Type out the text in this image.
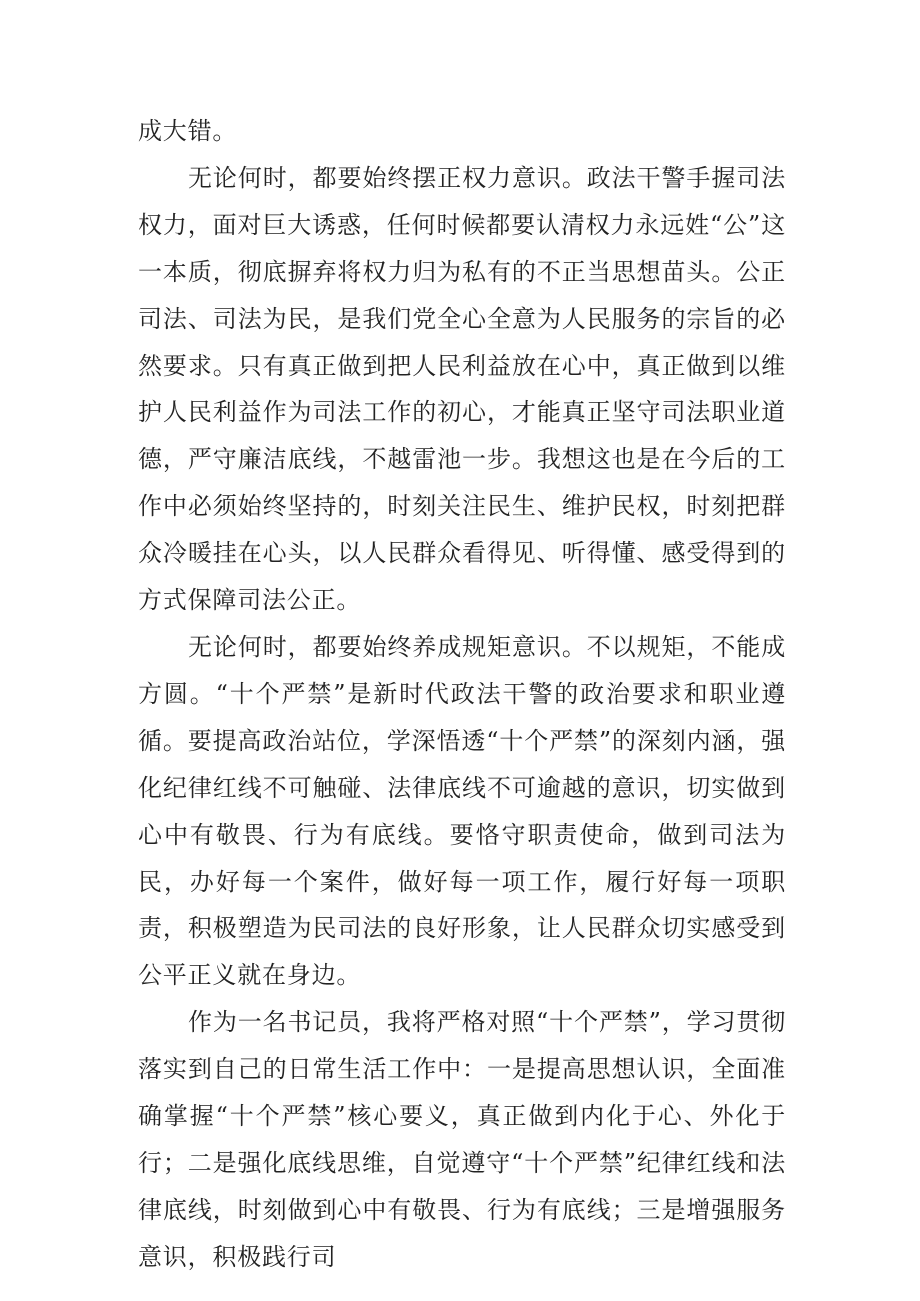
成大错。

无论何时，都要始终摆正权力意识。政法干警手握司法权力，面对巨大诱惑，任何时候都要认清权力永远姓“公”这一本质，彻底摒弃将权力归为私有的不正当思想苗头。公正司法、司法为民，是我们党全心全意为人民服务的宗旨的必然要求。只有真正做到把人民利益放在心中，真正做到以维护人民利益作为司法工作的初心，才能真正坚守司法职业道德，严守廉洁底线，不越雷池一步。我想这也是在今后的工作中必须始终坚持的，时刻关注民生、维护民权，时刻把群众冷暖挂在心头，以人民群众看得见、听得懂、感受得到的方式保障司法公正。

无论何时，都要始终养成规矩意识。不以规矩，不能成方圆。“十个严禁”是新时代政法干警的政治要求和职业遵循。要提高政治站位，学深悟透“十个严禁”的深刻内涵，强化纪律红线不可触碰、法律底线不可逾越的意识，切实做到心中有敬畏、行为有底线。要恪守职责使命，做到司法为民，办好每一个案件，做好每一项工作，履行好每一项职责，积极塑造为民司法的良好形象，让人民群众切实感受到公平正义就在身边。

作为一名书记员，我将严格对照“十个严禁”，学习贯彻落实到自己的日常生活工作中：一是提高思想认识，全面准确掌握“十个严禁”核心要义，真正做到内化于心、外化于行；二是强化底线思维，自觉遵守“十个严禁”纪律红线和法律底线，时刻做到心中有敬畏、行为有底线；三是增强服务意识，积极践行司
